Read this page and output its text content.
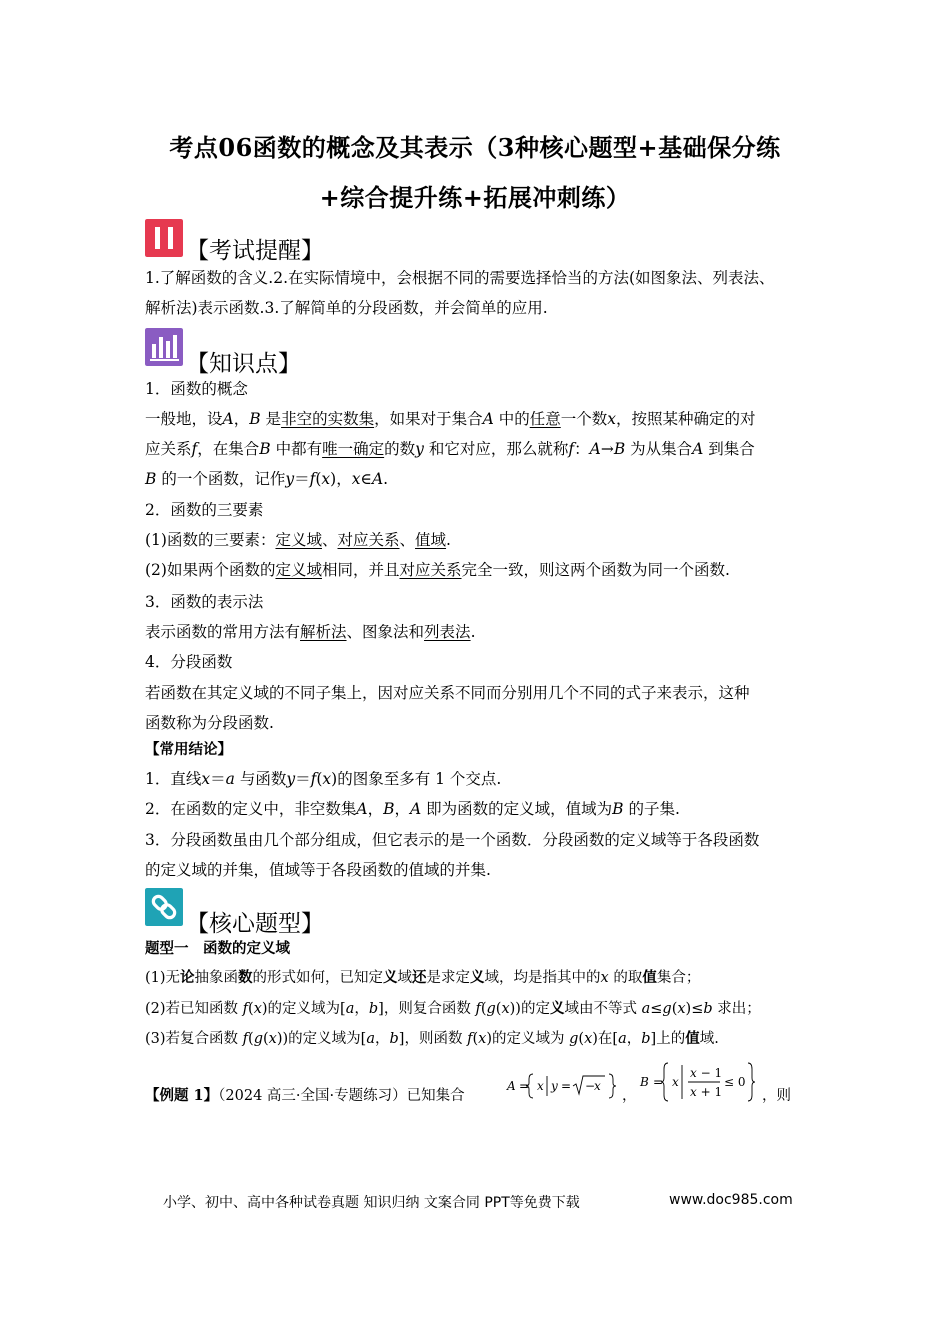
考点06函数的概念及其表示（3种核心题型+基础保分练
+综合提升练+拓展冲刺练）
【考试提醒】
1.了解函数的含义.2.在实际情境中，会根据不同的需要选择恰当的方法(如图象法、列表法、
解析法)表示函数.3.了解简单的分段函数，并会简单的应用.
【知识点】
1．函数的概念
一般地，设A，B 是非空的实数集，如果对于集合A 中的任意一个数x，按照某种确定的对
应关系f，在集合B 中都有唯一确定的数y 和它对应，那么就称f：A→B 为从集合A 到集合
B 的一个函数，记作y＝f(x)，x∈A.
2．函数的三要素
(1)函数的三要素：定义域、对应关系、值域.
(2)如果两个函数的定义域相同，并且对应关系完全一致，则这两个函数为同一个函数.
3．函数的表示法
表示函数的常用方法有解析法、图象法和列表法.
4．分段函数
若函数在其定义域的不同子集上，因对应关系不同而分别用几个不同的式子来表示，这种
函数称为分段函数.
【常用结论】
1．直线x＝a 与函数y＝f(x)的图象至多有 1 个交点.
2．在函数的定义中，非空数集A，B，A 即为函数的定义域，值域为B 的子集.
3．分段函数虽由几个部分组成，但它表示的是一个函数．分段函数的定义域等于各段函数
的定义域的并集，值域等于各段函数的值域的并集.
【核心题型】
题型一　函数的定义域
(1)无论抽象函数的形式如何，已知定义域还是求定义域，均是指其中的x 的取值集合；
(2)若已知函数 f(x)的定义域为[a，b]，则复合函数 f(g(x))的定义域由不等式 a≤g(x)≤b 求出；
(3)若复合函数 f(g(x))的定义域为[a，b]，则函数 f(x)的定义域为 g(x)在[a，b]上的值域.
【例题 1】（2024 高三·全国·专题练习）已知集合
A = x y = −
x
，
B = x
x − 1
x + 1
≤ 0
，则
小学、初中、高中各种试卷真题 知识归纳 文案合同 PPT等免费下载	www.doc985.com
